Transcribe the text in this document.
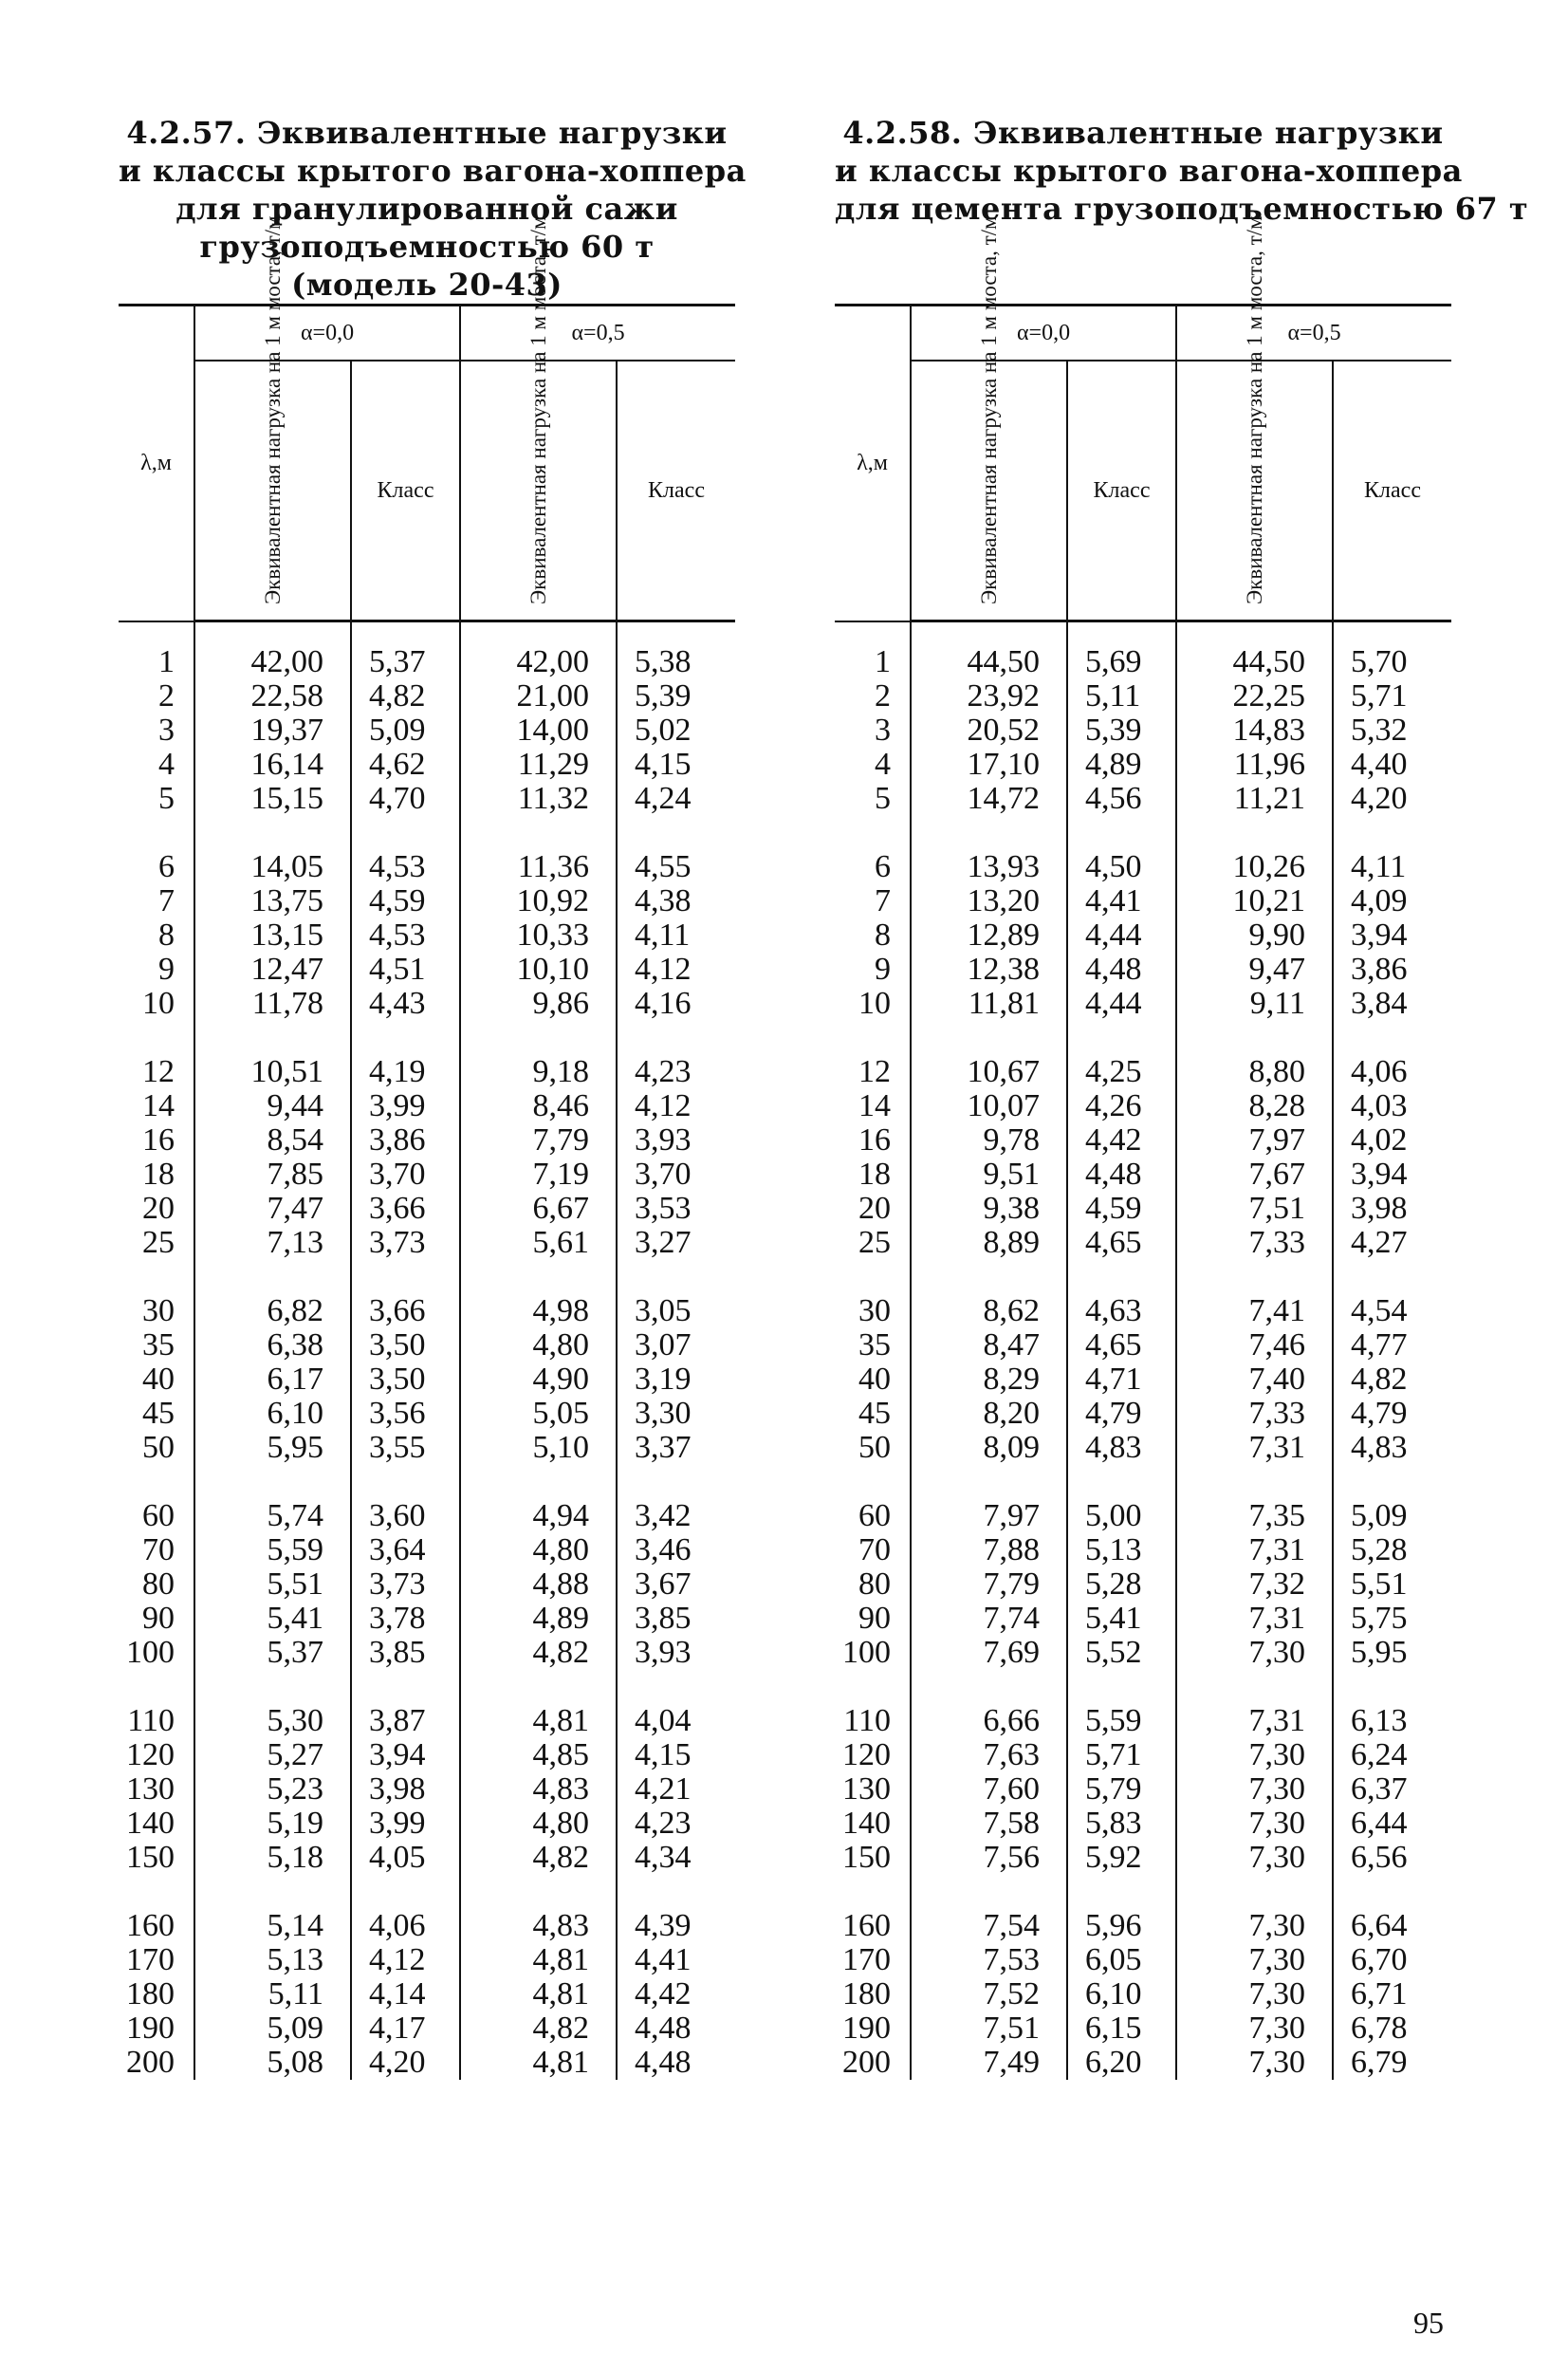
4.2.57. Эквивалентные нагрузки
и классы крытого вагона-хоппера
для гранулированной сажи
грузоподъемностью 60 т
(модель 20-43)
λ,м	α=0,0		α=0,5	

	Эквивалентная нагрузка на 1 м моста, т/м	Класс	Эквивалентная нагрузка на 1 м моста, т/м	Класс
1	42,00	5,37	42,00	5,38
2	22,58	4,82	21,00	5,39
3	19,37	5,09	14,00	5,02
4	16,14	4,62	11,29	4,15
5	15,15	4,70	11,32	4,24

6	14,05	4,53	11,36	4,55
7	13,75	4,59	10,92	4,38
8	13,15	4,53	10,33	4,11
9	12,47	4,51	10,10	4,12
10	11,78	4,43	9,86	4,16

12	10,51	4,19	9,18	4,23
14	9,44	3,99	8,46	4,12
16	8,54	3,86	7,79	3,93
18	7,85	3,70	7,19	3,70
20	7,47	3,66	6,67	3,53
25	7,13	3,73	5,61	3,27

30	6,82	3,66	4,98	3,05
35	6,38	3,50	4,80	3,07
40	6,17	3,50	4,90	3,19
45	6,10	3,56	5,05	3,30
50	5,95	3,55	5,10	3,37

60	5,74	3,60	4,94	3,42
70	5,59	3,64	4,80	3,46
80	5,51	3,73	4,88	3,67
90	5,41	3,78	4,89	3,85
100	5,37	3,85	4,82	3,93

110	5,30	3,87	4,81	4,04
120	5,27	3,94	4,85	4,15
130	5,23	3,98	4,83	4,21
140	5,19	3,99	4,80	4,23
150	5,18	4,05	4,82	4,34

160	5,14	4,06	4,83	4,39
170	5,13	4,12	4,81	4,41
180	5,11	4,14	4,81	4,42
190	5,09	4,17	4,82	4,48
200	5,08	4,20	4,81	4,48
4.2.58. Эквивалентные нагрузки
и классы крытого вагона-хоппера
для цемента грузоподъемностью 67 т
λ,м	α=0,0		α=0,5	

	Эквивалентная нагрузка на 1 м моста, т/м	Класс	Эквивалентная нагрузка на 1 м моста, т/м	Класс
1	44,50	5,69	44,50	5,70
2	23,92	5,11	22,25	5,71
3	20,52	5,39	14,83	5,32
4	17,10	4,89	11,96	4,40
5	14,72	4,56	11,21	4,20

6	13,93	4,50	10,26	4,11
7	13,20	4,41	10,21	4,09
8	12,89	4,44	9,90	3,94
9	12,38	4,48	9,47	3,86
10	11,81	4,44	9,11	3,84

12	10,67	4,25	8,80	4,06
14	10,07	4,26	8,28	4,03
16	9,78	4,42	7,97	4,02
18	9,51	4,48	7,67	3,94
20	9,38	4,59	7,51	3,98
25	8,89	4,65	7,33	4,27

30	8,62	4,63	7,41	4,54
35	8,47	4,65	7,46	4,77
40	8,29	4,71	7,40	4,82
45	8,20	4,79	7,33	4,79
50	8,09	4,83	7,31	4,83

60	7,97	5,00	7,35	5,09
70	7,88	5,13	7,31	5,28
80	7,79	5,28	7,32	5,51
90	7,74	5,41	7,31	5,75
100	7,69	5,52	7,30	5,95

110	6,66	5,59	7,31	6,13
120	7,63	5,71	7,30	6,24
130	7,60	5,79	7,30	6,37
140	7,58	5,83	7,30	6,44
150	7,56	5,92	7,30	6,56

160	7,54	5,96	7,30	6,64
170	7,53	6,05	7,30	6,70
180	7,52	6,10	7,30	6,71
190	7,51	6,15	7,30	6,78
200	7,49	6,20	7,30	6,79
95
